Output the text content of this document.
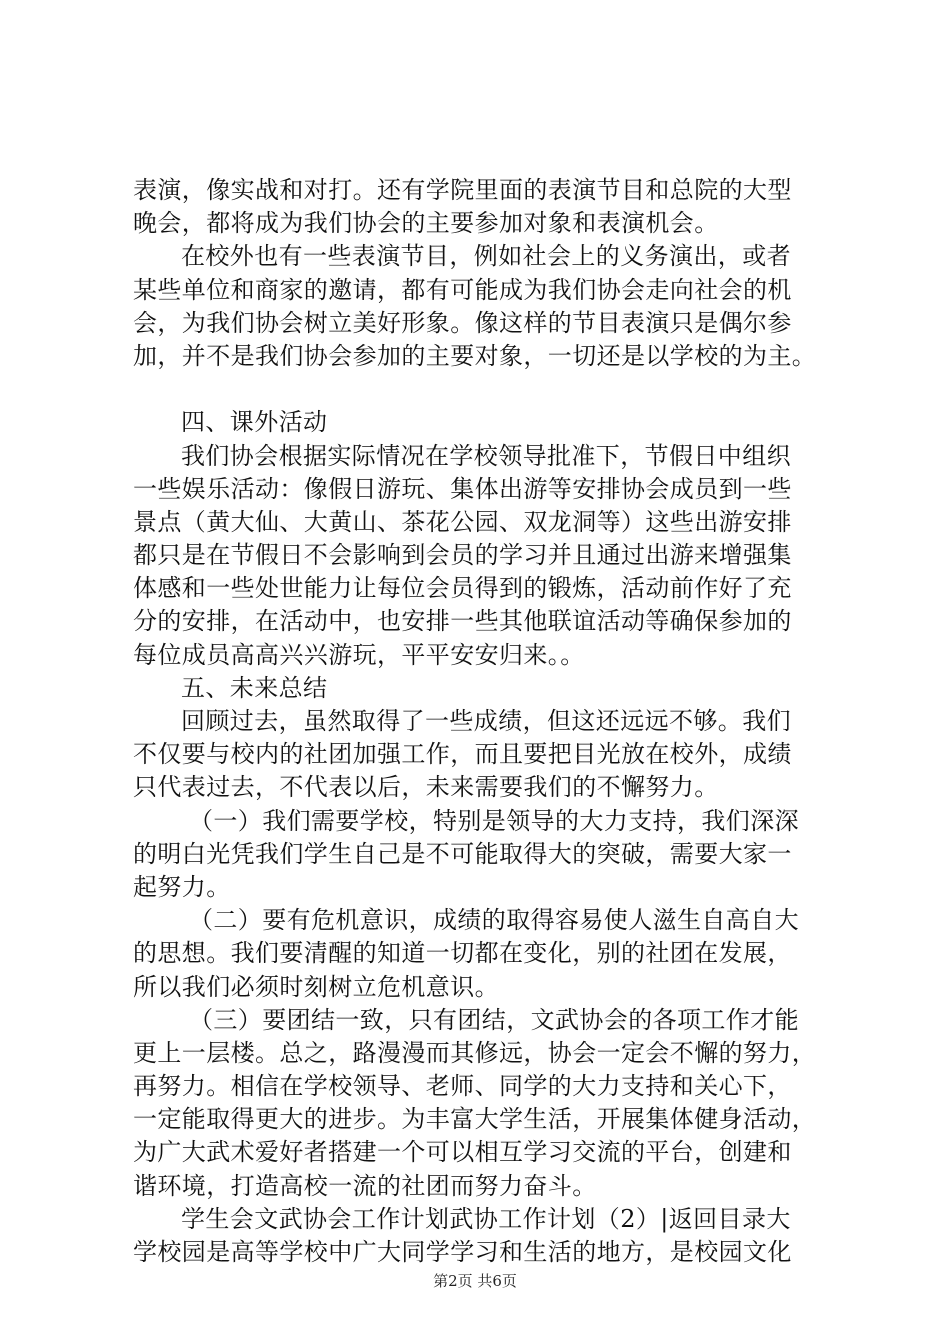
表演，像实战和对打。还有学院里面的表演节目和总院的大型
晚会，都将成为我们协会的主要参加对象和表演机会。
在校外也有一些表演节目，例如社会上的义务演出，或者
某些单位和商家的邀请，都有可能成为我们协会走向社会的机
会，为我们协会树立美好形象。像这样的节目表演只是偶尔参
加，并不是我们协会参加的主要对象，一切还是以学校的为主。
四、课外活动
我们协会根据实际情况在学校领导批准下，节假日中组织
一些娱乐活动：像假日游玩、集体出游等安排协会成员到一些
景点（黄大仙、大黄山、茶花公园、双龙洞等）这些出游安排
都只是在节假日不会影响到会员的学习并且通过出游来增强集
体感和一些处世能力让每位会员得到的锻炼，活动前作好了充
分的安排，在活动中，也安排一些其他联谊活动等确保参加的
每位成员高高兴兴游玩，平平安安归来。。
五、未来总结
回顾过去，虽然取得了一些成绩，但这还远远不够。我们
不仅要与校内的社团加强工作，而且要把目光放在校外，成绩
只代表过去，不代表以后，未来需要我们的不懈努力。
（一）我们需要学校，特别是领导的大力支持，我们深深
的明白光凭我们学生自己是不可能取得大的突破，需要大家一
起努力。
（二）要有危机意识，成绩的取得容易使人滋生自高自大
的思想。我们要清醒的知道一切都在变化，别的社团在发展，
所以我们必须时刻树立危机意识。
（三）要团结一致，只有团结，文武协会的各项工作才能
更上一层楼。总之，路漫漫而其修远，协会一定会不懈的努力，
再努力。相信在学校领导、老师、同学的大力支持和关心下，
一定能取得更大的进步。为丰富大学生活，开展集体健身活动，
为广大武术爱好者搭建一个可以相互学习交流的平台，创建和
谐环境，打造高校一流的社团而努力奋斗。
学生会文武协会工作计划武协工作计划（2）|返回目录大
学校园是高等学校中广大同学学习和生活的地方，是校园文化
第2页 共6页
